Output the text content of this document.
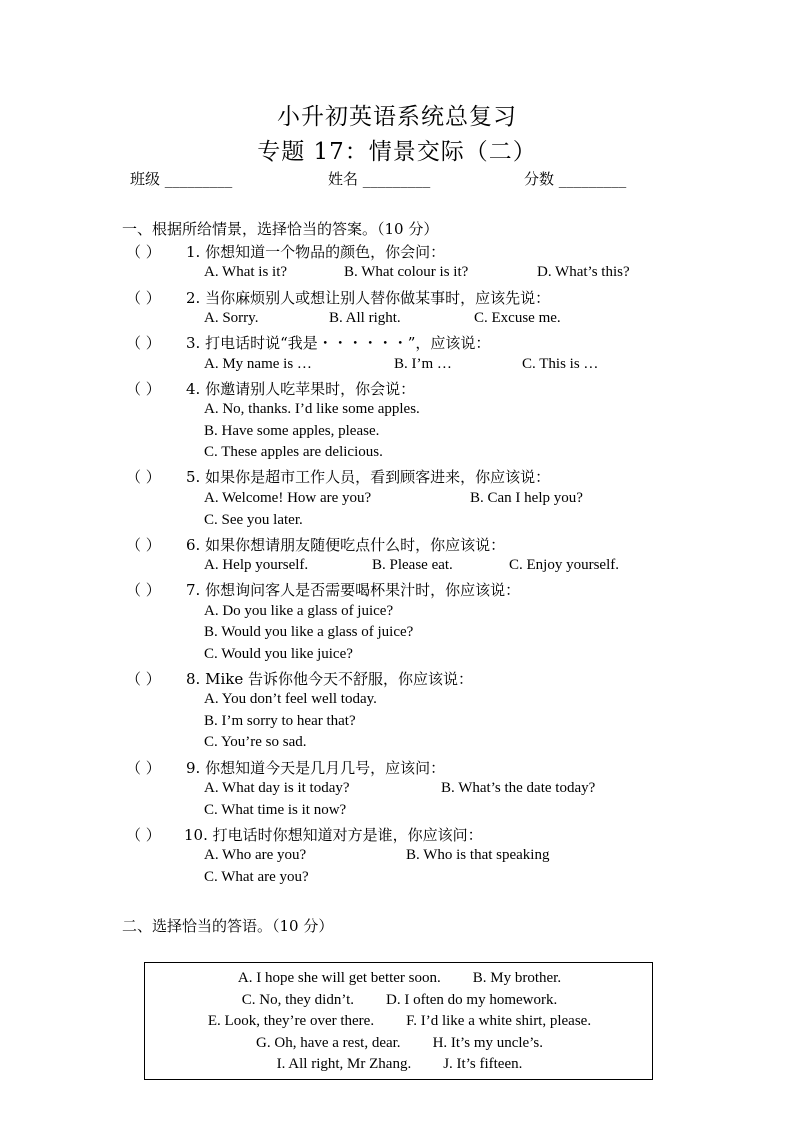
小升初英语系统总复习
专题 17：情景交际（二）
班级 _________	姓名 _________	分数 _________
一、根据所给情景，选择恰当的答案。（10 分）
（ ） 1. 你想知道一个物品的颜色，你会问：
A. What is it?	B. What colour is it?	D. What’s this?
（ ） 2. 当你麻烦别人或想让别人替你做某事时，应该先说：
A. Sorry.	B. All right.	C. Excuse me.
（ ） 3. 打电话时说“我是・・・・・・”，应该说：
A. My name is …	B. I’m …	C. This is …
（ ） 4. 你邀请别人吃苹果时，你会说：
A. No, thanks. I’d like some apples.
B. Have some apples, please.
C. These apples are delicious.
（ ） 5. 如果你是超市工作人员，看到顾客进来，你应该说：
A. Welcome! How are you?	B. Can I help you?
C. See you later.
（ ） 6. 如果你想请朋友随便吃点什么时，你应该说：
A. Help yourself.	B. Please eat.	C. Enjoy yourself.
（ ） 7. 你想询问客人是否需要喝杯果汁时，你应该说：
A. Do you like a glass of juice?
B. Would you like a glass of juice?
C. Would you like juice?
（ ） 8. Mike 告诉你他今天不舒服，你应该说：
A. You don’t feel well today.
B. I’m sorry to hear that?
C. You’re so sad.
（ ） 9. 你想知道今天是几月几号，应该问：
A. What day is it today?	B. What’s the date today?
C. What time is it now?
（ ） 10. 打电话时你想知道对方是谁，你应该问：
A. Who are you?	B. Who is that speaking
C. What are you?
二、选择恰当的答语。（10 分）
A. I hope she will get better soon. B. My brother.
C. No, they didn’t. D. I often do my homework.
E. Look, they’re over there. F. I’d like a white shirt, please.
G. Oh, have a rest, dear. H. It’s my uncle’s.
I. All right, Mr Zhang. J. It’s fifteen.
